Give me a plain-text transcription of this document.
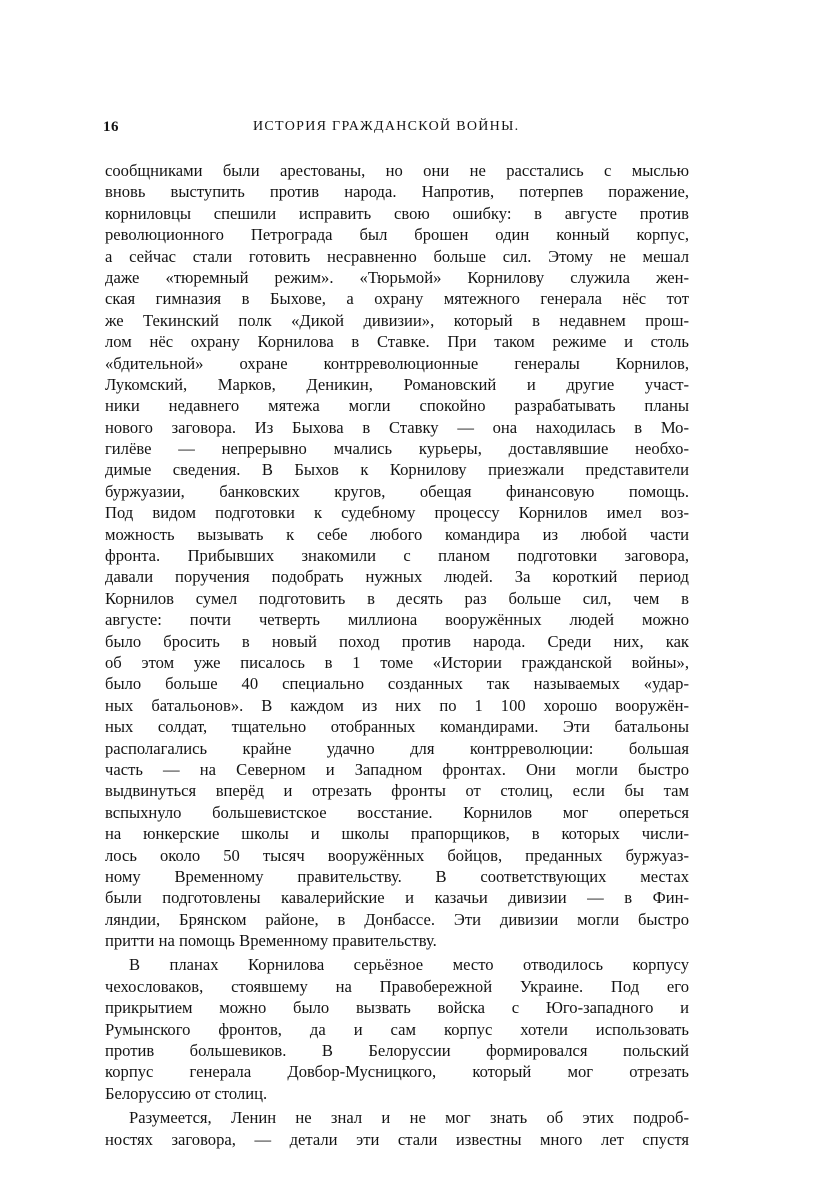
16	ИСТОРИЯ ГРАЖДАНСКОЙ ВОЙНЫ.
сообщниками были арестованы, но они не расстались с мыслью
вновь выступить против народа. Напротив, потерпев поражение,
корниловцы спешили исправить свою ошибку: в августе против
революционного Петрограда был брошен один конный корпус,
а сейчас стали готовить несравненно больше сил. Этому не мешал
даже «тюремный режим». «Тюрьмой» Корнилову служила жен-
ская гимназия в Быхове, а охрану мятежного генерала нёс тот
же Текинский полк «Дикой дивизии», который в недавнем прош-
лом нёс охрану Корнилова в Ставке. При таком режиме и столь
«бдительной» охране контрреволюционные генералы Корнилов,
Лукомский, Марков, Деникин, Романовский и другие участ-
ники недавнего мятежа могли спокойно разрабатывать планы
нового заговора. Из Быхова в Ставку — она находилась в Мо-
гилёве — непрерывно мчались курьеры, доставлявшие необхо-
димые сведения. В Быхов к Корнилову приезжали представители
буржуазии, банковских кругов, обещая финансовую помощь.
Под видом подготовки к судебному процессу Корнилов имел воз-
можность вызывать к себе любого командира из любой части
фронта. Прибывших знакомили с планом подготовки заговора,
давали поручения подобрать нужных людей. За короткий период
Корнилов сумел подготовить в десять раз больше сил, чем в
августе: почти четверть миллиона вооружённых людей можно
было бросить в новый поход против народа. Среди них, как
об этом уже писалось в 1 томе «Истории гражданской войны»,
было больше 40 специально созданных так называемых «удар-
ных батальонов». В каждом из них по 1 100 хорошо вооружён-
ных солдат, тщательно отобранных командирами. Эти батальоны
располагались крайне удачно для контрреволюции: большая
часть — на Северном и Западном фронтах. Они могли быстро
выдвинуться вперёд и отрезать фронты от столиц, если бы там
вспыхнуло большевистское восстание. Корнилов мог опереться
на юнкерские школы и школы прапорщиков, в которых числи-
лось около 50 тысяч вооружённых бойцов, преданных буржуаз-
ному Временному правительству. В соответствующих местах
были подготовлены кавалерийские и казачьи дивизии — в Фин-
ляндии, Брянском районе, в Донбассе. Эти дивизии могли быстро
притти на помощь Временному правительству.
В планах Корнилова серьёзное место отводилось корпусу
чехословаков, стоявшему на Правобережной Украине. Под его
прикрытием можно было вызвать войска с Юго-западного и
Румынского фронтов, да и сам корпус хотели использовать
против большевиков. В Белоруссии формировался польский
корпус генерала Довбор-Мусницкого, который мог отрезать
Белоруссию от столиц.
Разумеется, Ленин не знал и не мог знать об этих подроб-
ностях заговора, — детали эти стали известны много лет спустя
